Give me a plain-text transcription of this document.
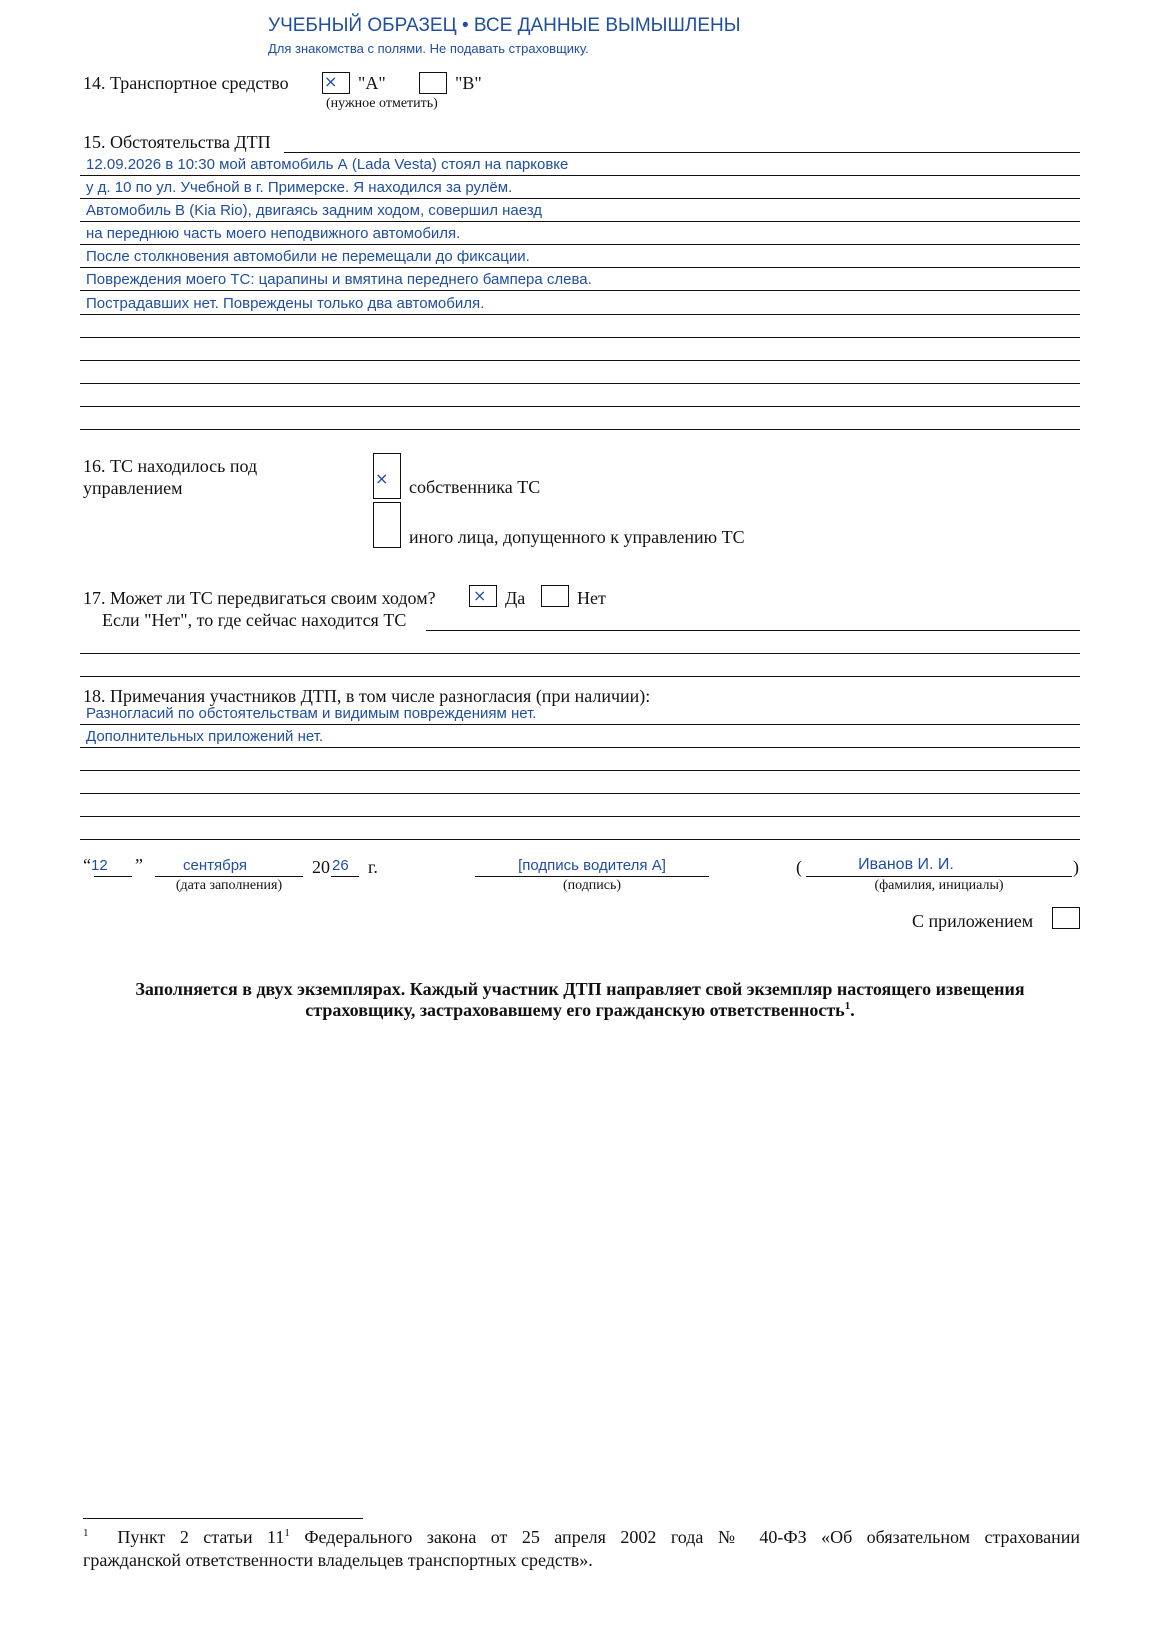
УЧЕБНЫЙ ОБРАЗЕЦ • ВСЕ ДАННЫЕ ВЫМЫШЛЕНЫ
Для знакомства с полями. Не подавать страховщику.
14. Транспортное средство × "А"	"В"
(нужное отметить)
15. Обстоятельства ДТП
12.09.2026 в 10:30 мой автомобиль А (Lada Vesta) стоял на парковке
у д. 10 по ул. Учебной в г. Примерске. Я находился за рулём.
Автомобиль В (Kia Rio), двигаясь задним ходом, совершил наезд
на переднюю часть моего неподвижного автомобиля.
После столкновения автомобили не перемещали до фиксации.
Повреждения моего ТС: царапины и вмятина переднего бампера слева.
Пострадавших нет. Повреждены только два автомобиля.
16. ТС находилось под
управлением	× собственника ТС
иного лица, допущенного к управлению ТС
17. Может ли ТС передвигаться своим ходом? × Да	Нет
Если "Нет", то где сейчас находится ТС
18. Примечания участников ДТП, в том числе разногласия (при наличии):
Разногласий по обстоятельствам и видимым повреждениям нет.
Дополнительных приложений нет.
“ 12	”	сентября	20 26 г.
(дата заполнения)
[подпись водителя А]
(подпись)
(	Иванов И. И.	)
(фамилия, инициалы)
С приложением
Заполняется в двух экземплярах. Каждый участник ДТП направляет свой экземпляр настоящего извещения
страховщику, застраховавшему его гражданскую ответственность$^1$.
$^1$ Пункт 2 статьи $11^1$ Федерального закона от 25 апреля 2002 года № 40-ФЗ «Об обязательном страховании
гражданской ответственности владельцев транспортных средств».
